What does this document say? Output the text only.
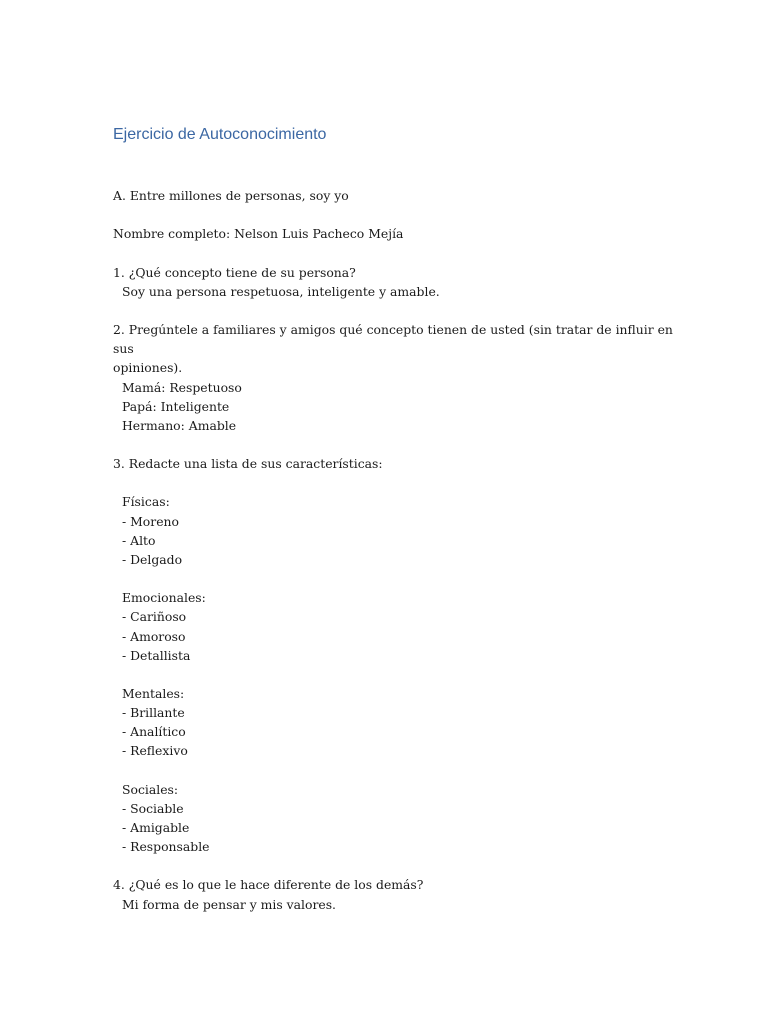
Ejercicio de Autoconocimiento
A. Entre millones de personas, soy yo
Nombre completo: Nelson Luis Pacheco Mejía
1. ¿Qué concepto tiene de su persona?
Soy una persona respetuosa, inteligente y amable.
2. Pregúntele a familiares y amigos qué concepto tienen de usted (sin tratar de influir en sus
opiniones).
Mamá: Respetuoso
Papá: Inteligente
Hermano: Amable
3. Redacte una lista de sus características:
Físicas:
- Moreno
- Alto
- Delgado
Emocionales:
- Cariñoso
- Amoroso
- Detallista
Mentales:
- Brillante
- Analítico
- Reflexivo
Sociales:
- Sociable
- Amigable
- Responsable
4. ¿Qué es lo que le hace diferente de los demás?
Mi forma de pensar y mis valores.
